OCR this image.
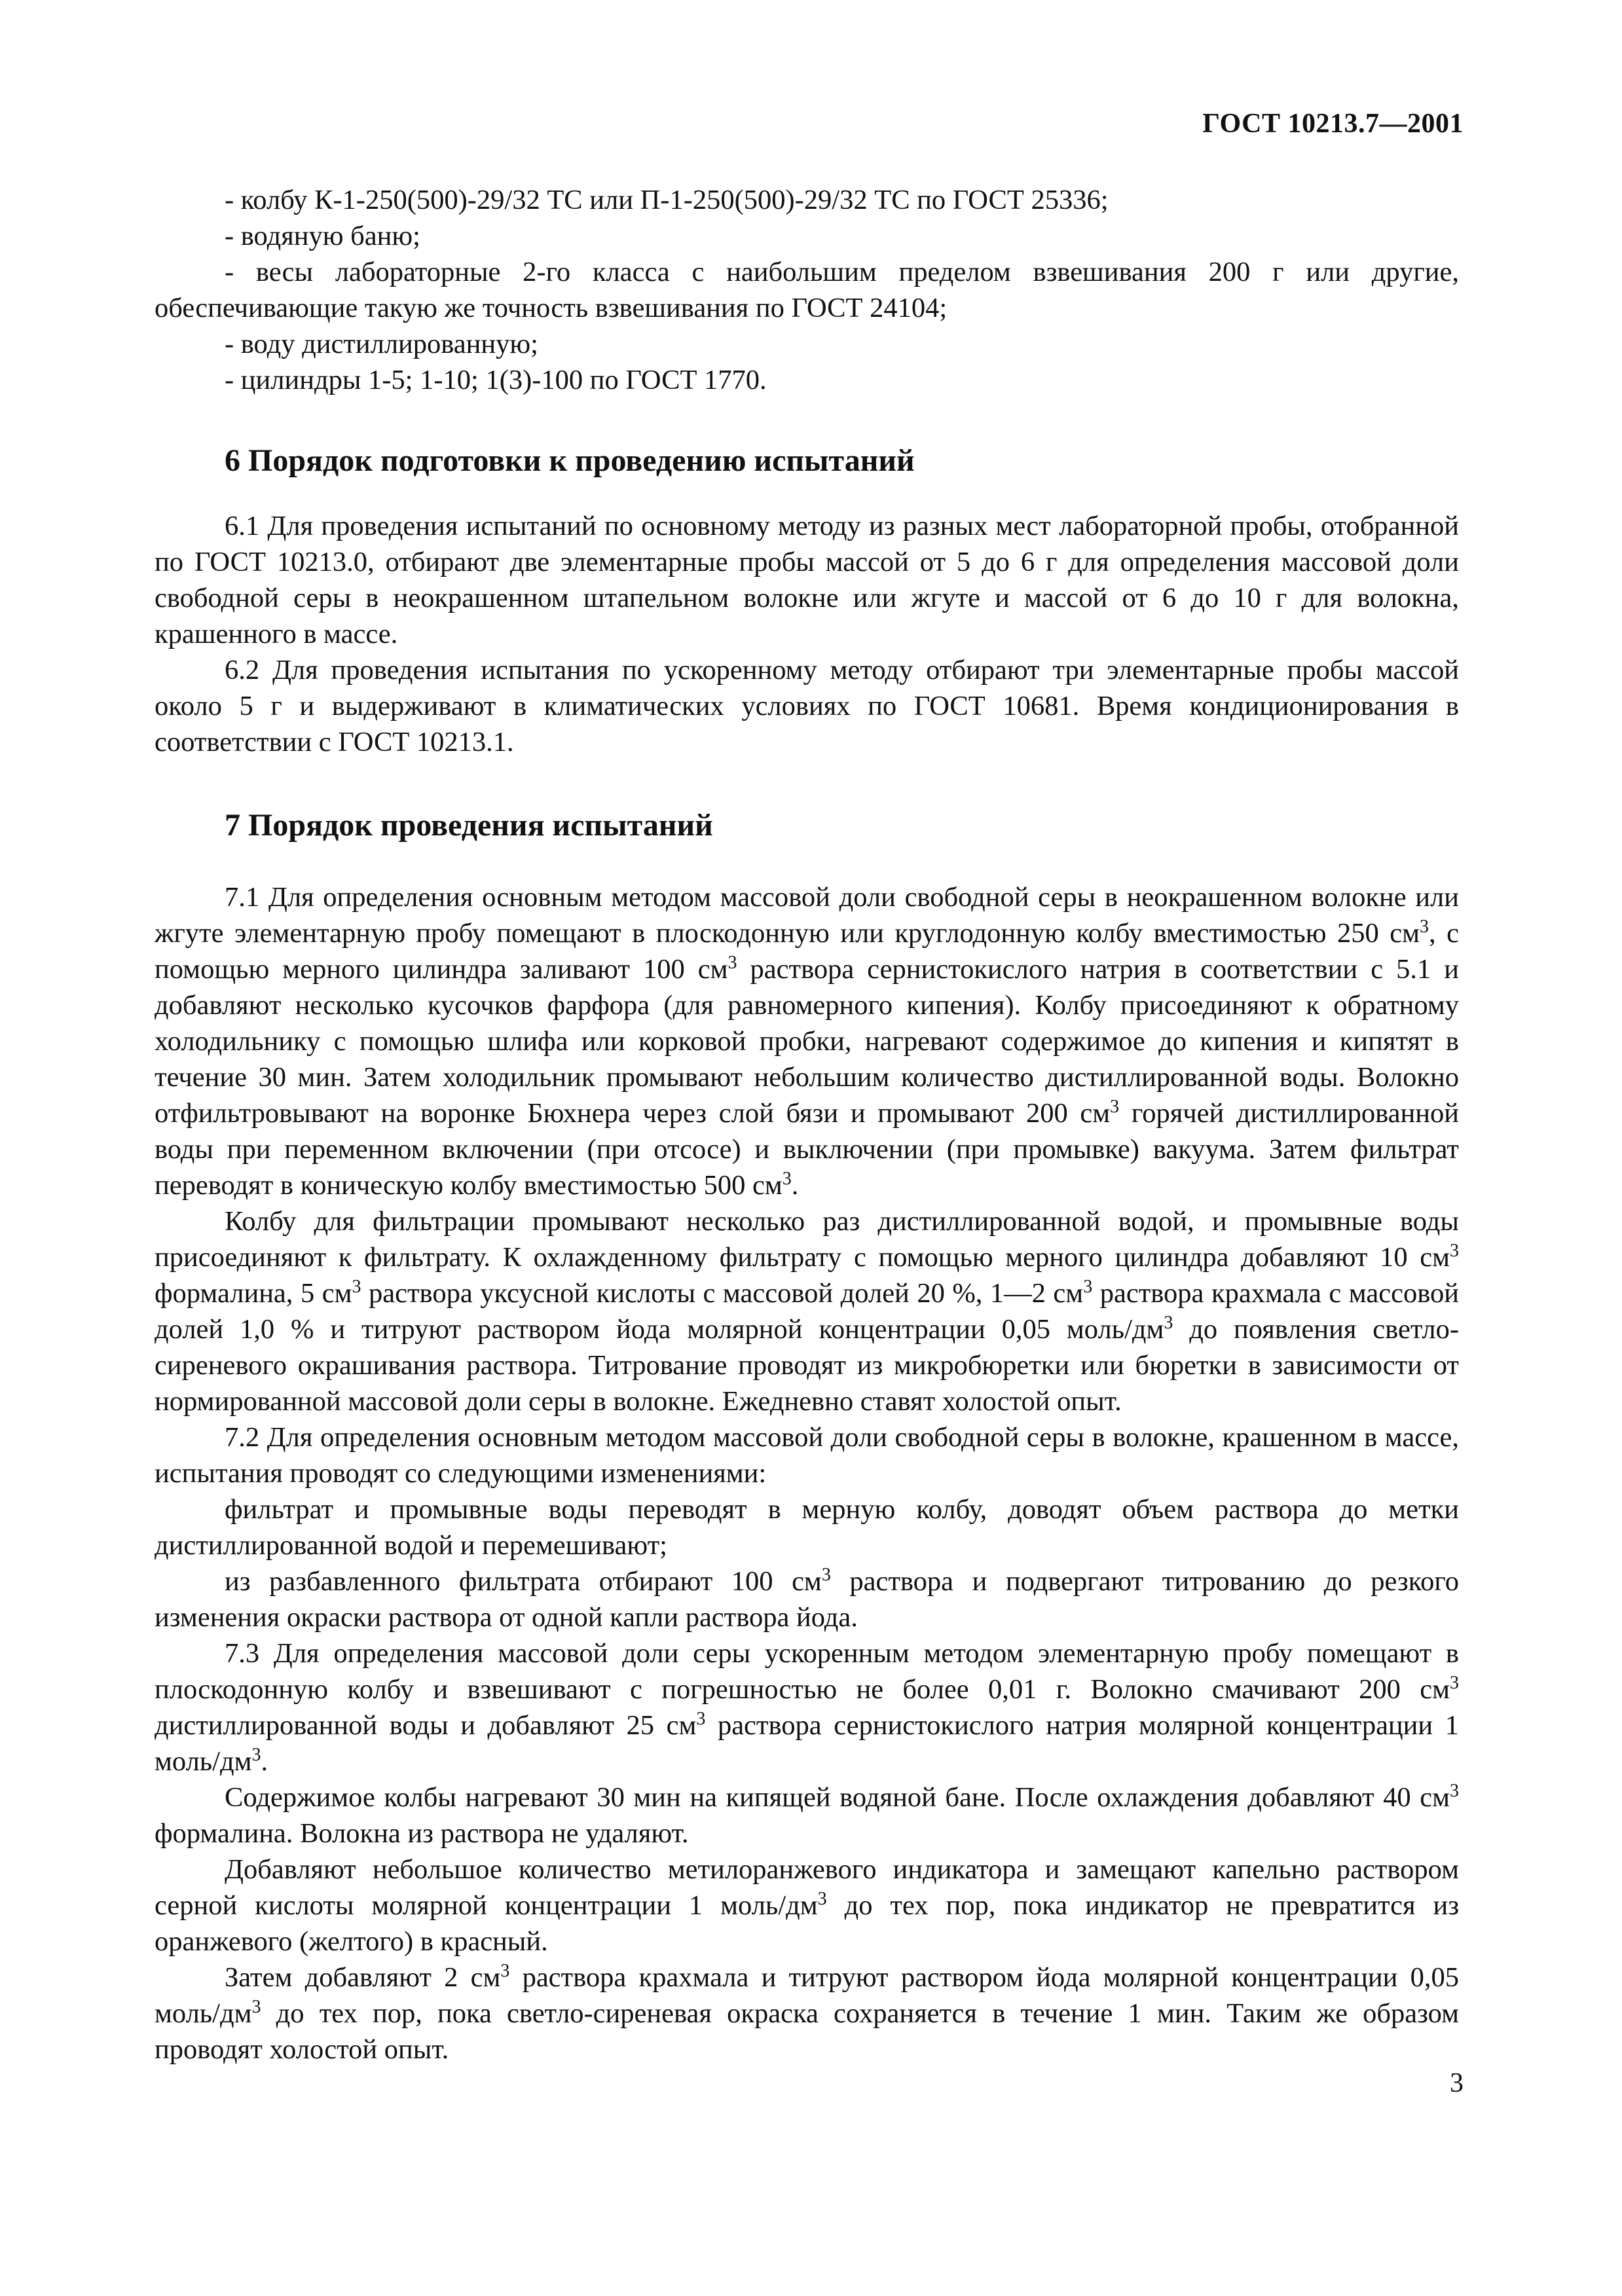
ГОСТ 10213.7—2001

- колбу К-1-250(500)-29/32 ТС или П-1-250(500)-29/32 ТС по ГОСТ 25336;

- водяную баню;

- весы лабораторные 2-го класса с наибольшим пределом взвешивания 200 г или другие, обеспечивающие такую же точность взвешивания по ГОСТ 24104;

- воду дистиллированную;

- цилиндры 1-5; 1-10; 1(3)-100 по ГОСТ 1770.

6 Порядок подготовки к проведению испытаний

6.1 Для проведения испытаний по основному методу из разных мест лабораторной пробы, отобранной по ГОСТ 10213.0, отбирают две элементарные пробы массой от 5 до 6 г для определения массовой доли свободной серы в неокрашенном штапельном волокне или жгуте и массой от 6 до 10 г для волокна, крашенного в массе.

6.2 Для проведения испытания по ускоренному методу отбирают три элементарные пробы массой около 5 г и выдерживают в климатических условиях по ГОСТ 10681. Время кондиционирования в соответствии с ГОСТ 10213.1.

7 Порядок проведения испытаний

7.1 Для определения основным методом массовой доли свободной серы в неокрашенном волокне или жгуте элементарную пробу помещают в плоскодонную или круглодонную колбу вместимостью 250 $см^3$, с помощью мерного цилиндра заливают 100 $см^3$ раствора сернистокислого натрия в соответствии с 5.1 и добавляют несколько кусочков фарфора (для равномерного кипения). Колбу присоединяют к обратному холодильнику с помощью шлифа или корковой пробки, нагревают содержимое до кипения и кипятят в течение 30 мин. Затем холодильник промывают небольшим количество дистиллированной воды. Волокно отфильтровывают на воронке Бюхнера через слой бязи и промывают 200 $см^3$ горячей дистиллированной воды при переменном включении (при отсосе) и выключении (при промывке) вакуума. Затем фильтрат переводят в коническую колбу вместимостью 500 $см^3$.

Колбу для фильтрации промывают несколько раз дистиллированной водой, и промывные воды присоединяют к фильтрату. К охлажденному фильтрату с помощью мерного цилиндра добавляют 10 $см^3$ формалина, 5 $см^3$ раствора уксусной кислоты с массовой долей 20 %, 1—2 $см^3$ раствора крахмала с массовой долей 1,0 % и титруют раствором йода молярной концентрации 0,05 моль/$дм^3$ до появления светло-сиреневого окрашивания раствора. Титрование проводят из микробюретки или бюретки в зависимости от нормированной массовой доли серы в волокне. Ежедневно ставят холостой опыт.

7.2 Для определения основным методом массовой доли свободной серы в волокне, крашенном в массе, испытания проводят со следующими изменениями:

фильтрат и промывные воды переводят в мерную колбу, доводят объем раствора до метки дистиллированной водой и перемешивают;

из разбавленного фильтрата отбирают 100 $см^3$ раствора и подвергают титрованию до резкого изменения окраски раствора от одной капли раствора йода.

7.3 Для определения массовой доли серы ускоренным методом элементарную пробу помещают в плоскодонную колбу и взвешивают с погрешностью не более 0,01 г. Волокно смачивают 200 $см^3$ дистиллированной воды и добавляют 25 $см^3$ раствора сернистокислого натрия молярной концентрации 1 моль/$дм^3$.

Содержимое колбы нагревают 30 мин на кипящей водяной бане. После охлаждения добавляют 40 $см^3$ формалина. Волокна из раствора не удаляют.

Добавляют небольшое количество метилоранжевого индикатора и замещают капельно раствором серной кислоты молярной концентрации 1 моль/$дм^3$ до тех пор, пока индикатор не превратится из оранжевого (желтого) в красный.

Затем добавляют 2 $см^3$ раствора крахмала и титруют раствором йода молярной концентрации 0,05 моль/$дм^3$ до тех пор, пока светло-сиреневая окраска сохраняется в течение 1 мин. Таким же образом проводят холостой опыт.

3
